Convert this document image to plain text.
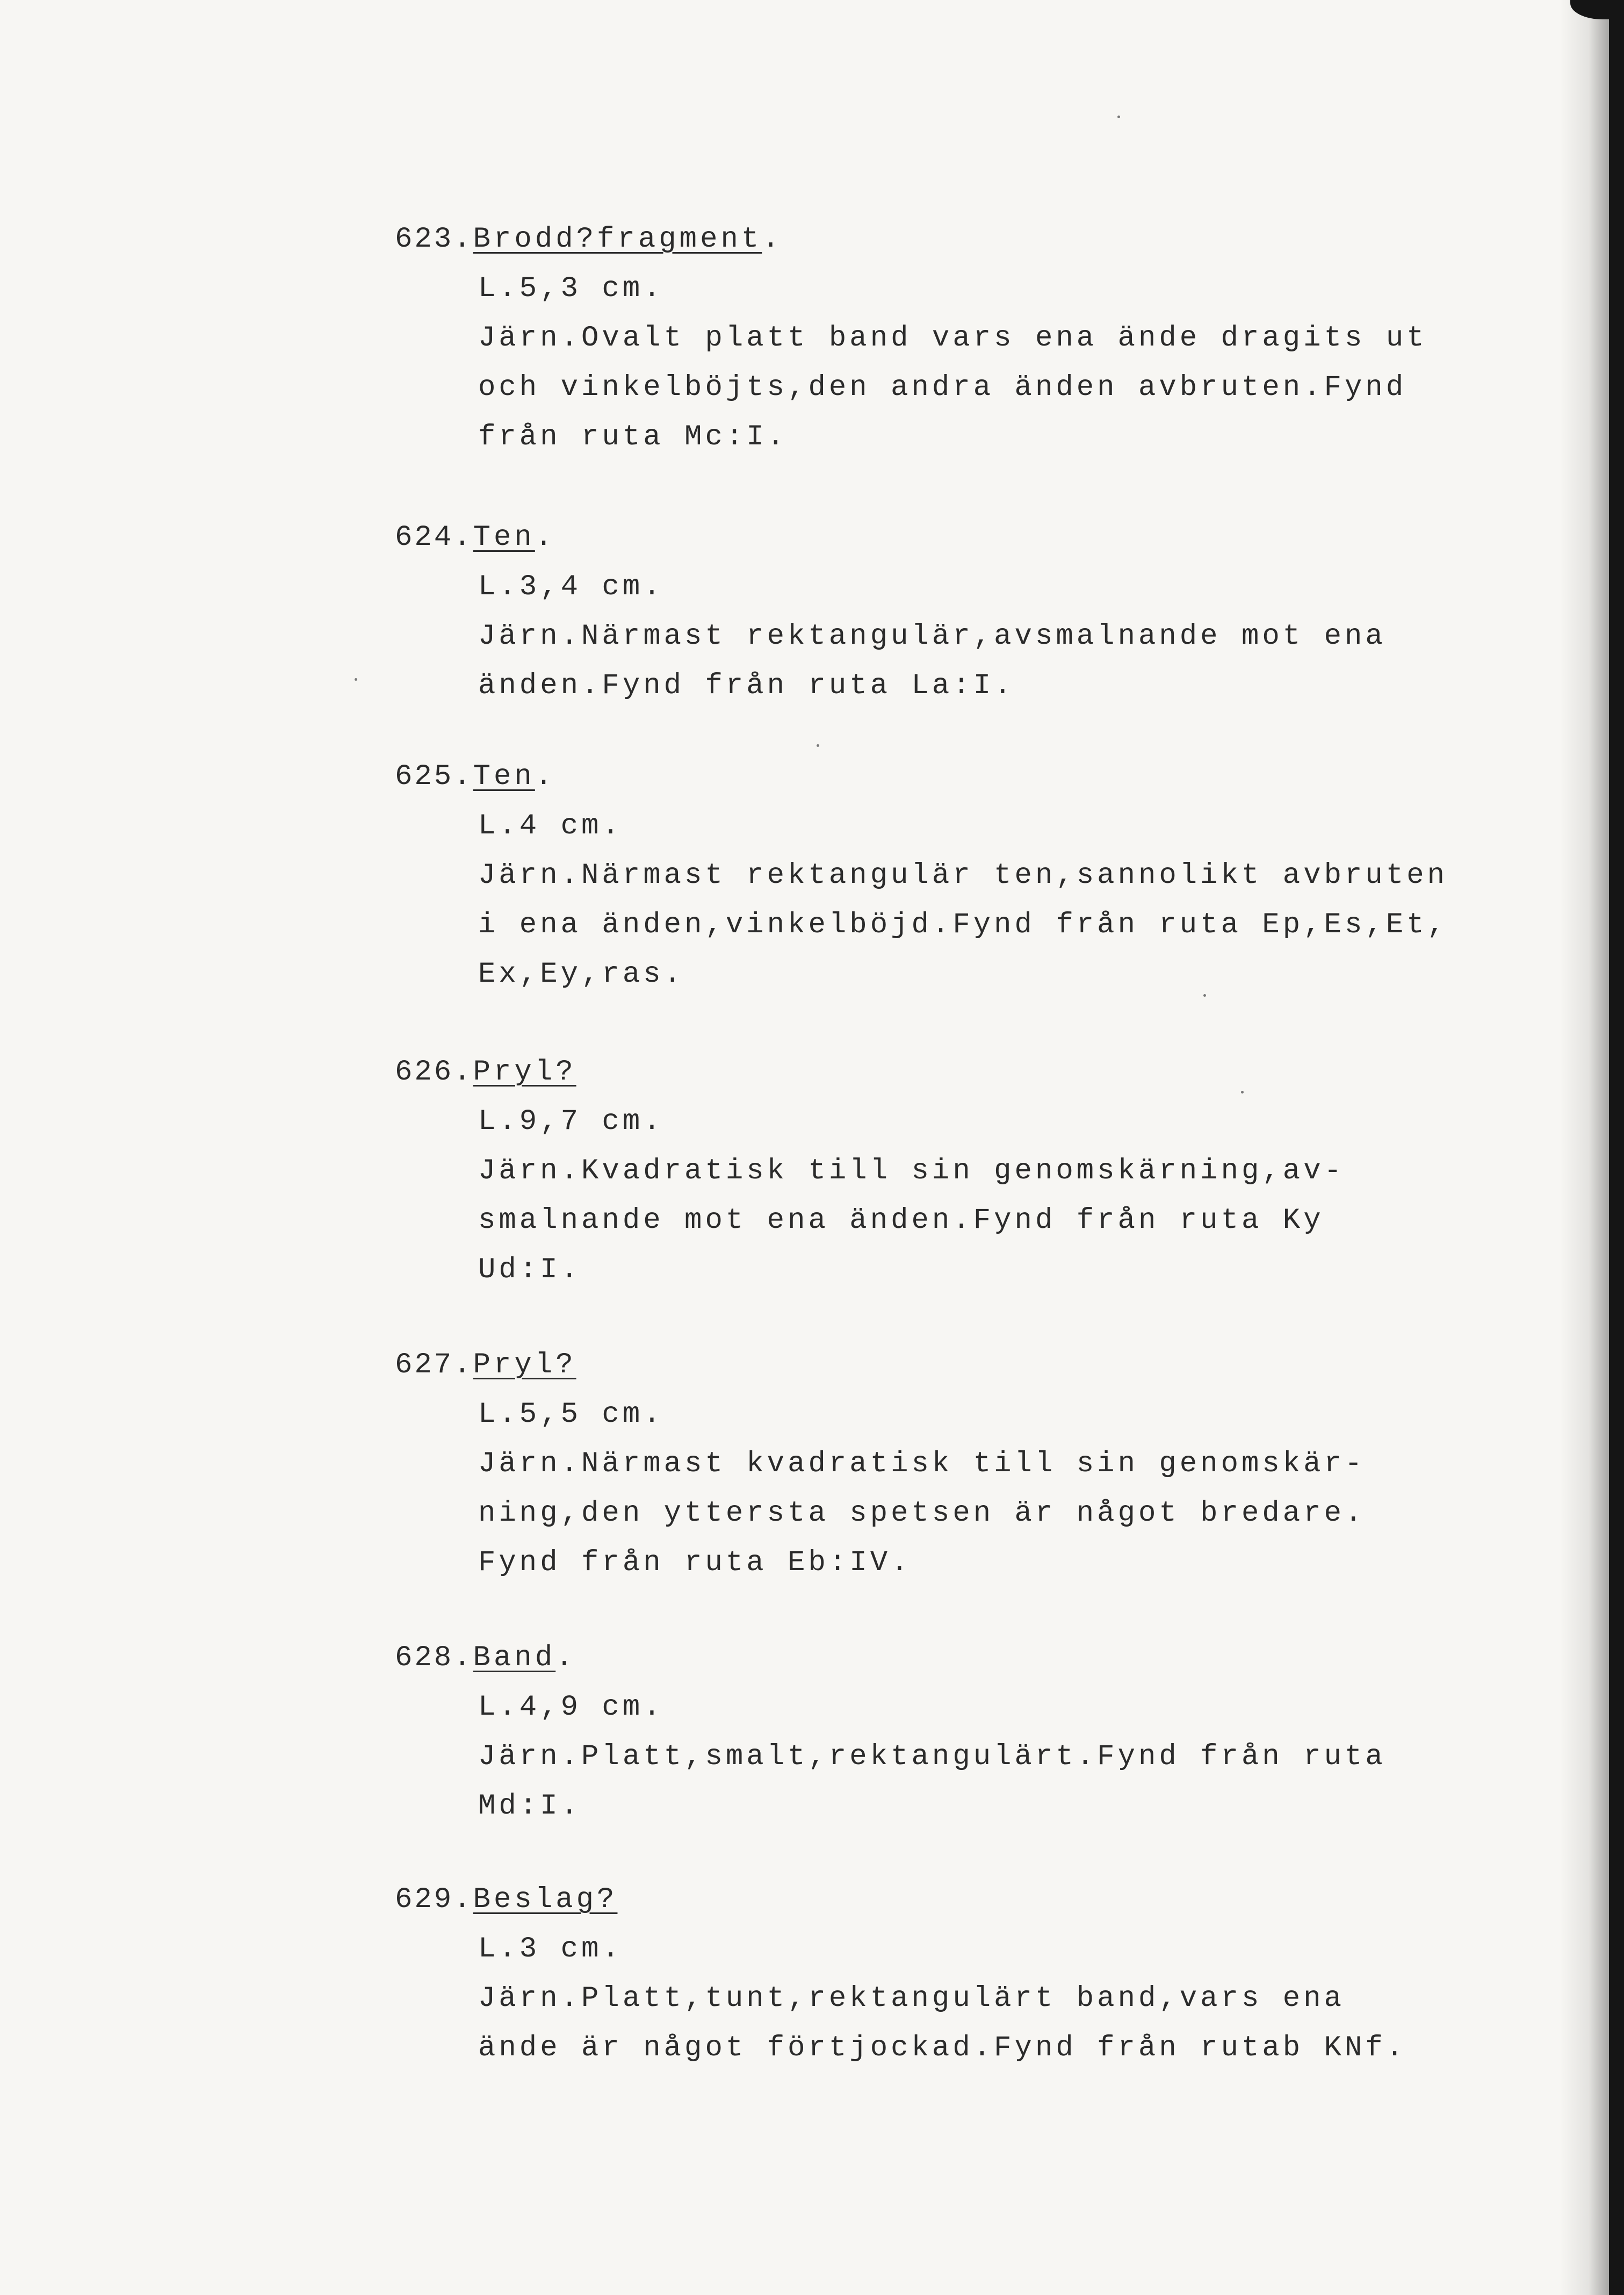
623.Brodd?fragment.
L.5,3 cm.
Järn.Ovalt platt band vars ena ände dragits ut
och vinkelböjts,den andra änden avbruten.Fynd
från ruta Mc:I.
624.Ten.
L.3,4 cm.
Järn.Närmast rektangulär,avsmalnande mot ena
änden.Fynd från ruta La:I.
625.Ten.
L.4 cm.
Järn.Närmast rektangulär ten,sannolikt avbruten
i ena änden,vinkelböjd.Fynd från ruta Ep,Es,Et,
Ex,Ey,ras.
626.Pryl?
L.9,7 cm.
Järn.Kvadratisk till sin genomskärning,av-
smalnande mot ena änden.Fynd från ruta Ky
Ud:I.
627.Pryl?
L.5,5 cm.
Järn.Närmast kvadratisk till sin genomskär-
ning,den yttersta spetsen är något bredare.
Fynd från ruta Eb:IV.
628.Band.
L.4,9 cm.
Järn.Platt,smalt,rektangulärt.Fynd från ruta
Md:I.
629.Beslag?
L.3 cm.
Järn.Platt,tunt,rektangulärt band,vars ena
ände är något förtjockad.Fynd från rutab KNf.
